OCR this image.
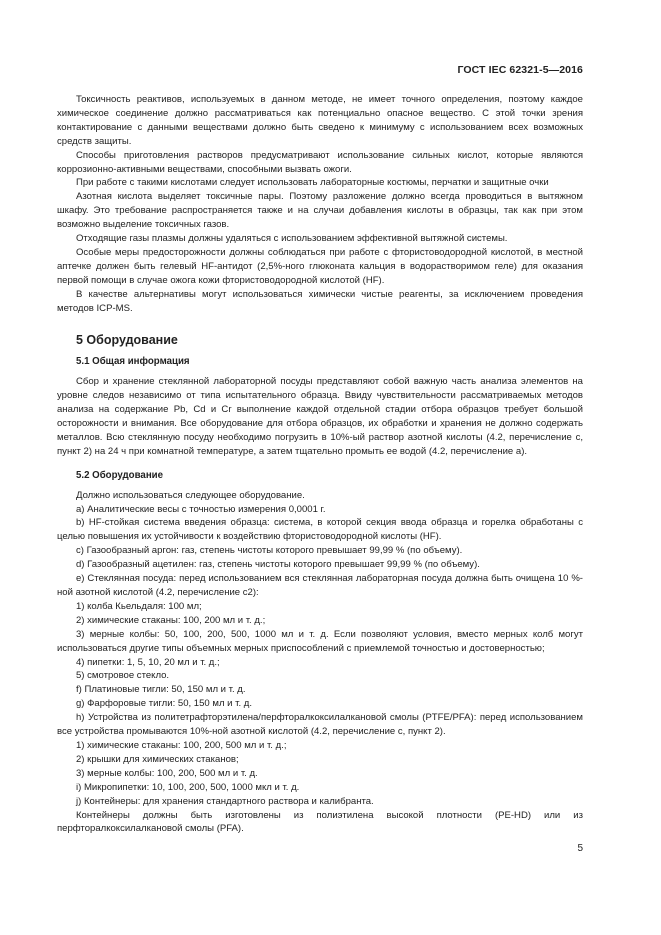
ГОСТ IEC 62321-5—2016

Токсичность реактивов, используемых в данном методе, не имеет точного определения, поэтому каждое химическое соединение должно рассматриваться как потенциально опасное вещество. С этой точки зрения контактирование с данными веществами должно быть сведено к минимуму с использованием всех возможных средств защиты.

Способы приготовления растворов предусматривают использование сильных кислот, которые являются коррозионно-активными веществами, способными вызвать ожоги.

При работе с такими кислотами следует использовать лабораторные костюмы, перчатки и защитные очки

Азотная кислота выделяет токсичные пары. Поэтому разложение должно всегда проводиться в вытяжном шкафу. Это требование распространяется также и на случаи добавления кислоты в образцы, так как при этом возможно выделение токсичных газов.

Отходящие газы плазмы должны удаляться с использованием эффективной вытяжной системы.

Особые меры предосторожности должны соблюдаться при работе с фтористоводородной кислотой, в местной аптечке должен быть гелевый HF-антидот (2,5%-ного глюконата кальция в водорастворимом геле) для оказания первой помощи в случае ожога кожи фтористоводородной кислотой (HF).

В качестве альтернативы могут использоваться химически чистые реагенты, за исключением проведения методов ICP-MS.

5 Оборудование
5.1 Общая информация

Сбор и хранение стеклянной лабораторной посуды представляют собой важную часть анализа элементов на уровне следов независимо от типа испытательного образца. Ввиду чувствительности рассматриваемых методов анализа на содержание Pb, Cd и Cr выполнение каждой отдельной стадии отбора образцов требует большой осторожности и внимания. Все оборудование для отбора образцов, их обработки и хранения не должно содержать металлов. Всю стеклянную посуду необходимо погрузить в 10%-ый раствор азотной кислоты (4.2, перечисление c, пункт 2) на 24 ч при комнатной температуре, а затем тщательно промыть ее водой (4.2, перечисление a).

5.2 Оборудование

Должно использоваться следующее оборудование.

a) Аналитические весы с точностью измерения 0,0001 г.

b) HF-стойкая система введения образца: система, в которой секция ввода образца и горелка обработаны с целью повышения их устойчивости к воздействию фтористоводородной кислоты (HF).

c) Газообразный аргон: газ, степень чистоты которого превышает 99,99 % (по объему).

d) Газообразный ацетилен: газ, степень чистоты которого превышает 99,99 % (по объему).

e) Стеклянная посуда: перед использованием вся стеклянная лабораторная посуда должна быть очищена 10 %-ной азотной кислотой (4.2, перечисление c2):

1) колба Кьельдаля: 100 мл;

2) химические стаканы: 100, 200 мл и т. д.;

3) мерные колбы: 50, 100, 200, 500, 1000 мл и т. д. Если позволяют условия, вместо мерных колб могут использоваться другие типы объемных мерных приспособлений с приемлемой точностью и достоверностью;

4) пипетки: 1, 5, 10, 20 мл и т. д.;

5) смотровое стекло.

f) Платиновые тигли: 50, 150 мл и т. д.

g) Фарфоровые тигли: 50, 150 мл и т. д.

h) Устройства из политетрафторэтилена/перфторалкоксилалкановой смолы (PTFE/PFA): перед использованием все устройства промываются 10%-ной азотной кислотой (4.2, перечисление c, пункт 2).

1) химические стаканы: 100, 200, 500 мл и т. д.;

2) крышки для химических стаканов;

3) мерные колбы: 100, 200, 500 мл и т. д.

i) Микропипетки: 10, 100, 200, 500, 1000 мкл и т. д.

j) Контейнеры: для хранения стандартного раствора и калибранта.

Контейнеры должны быть изготовлены из полиэтилена высокой плотности (PE-HD) или из перфторалкоксилалкановой смолы (PFA).

5
